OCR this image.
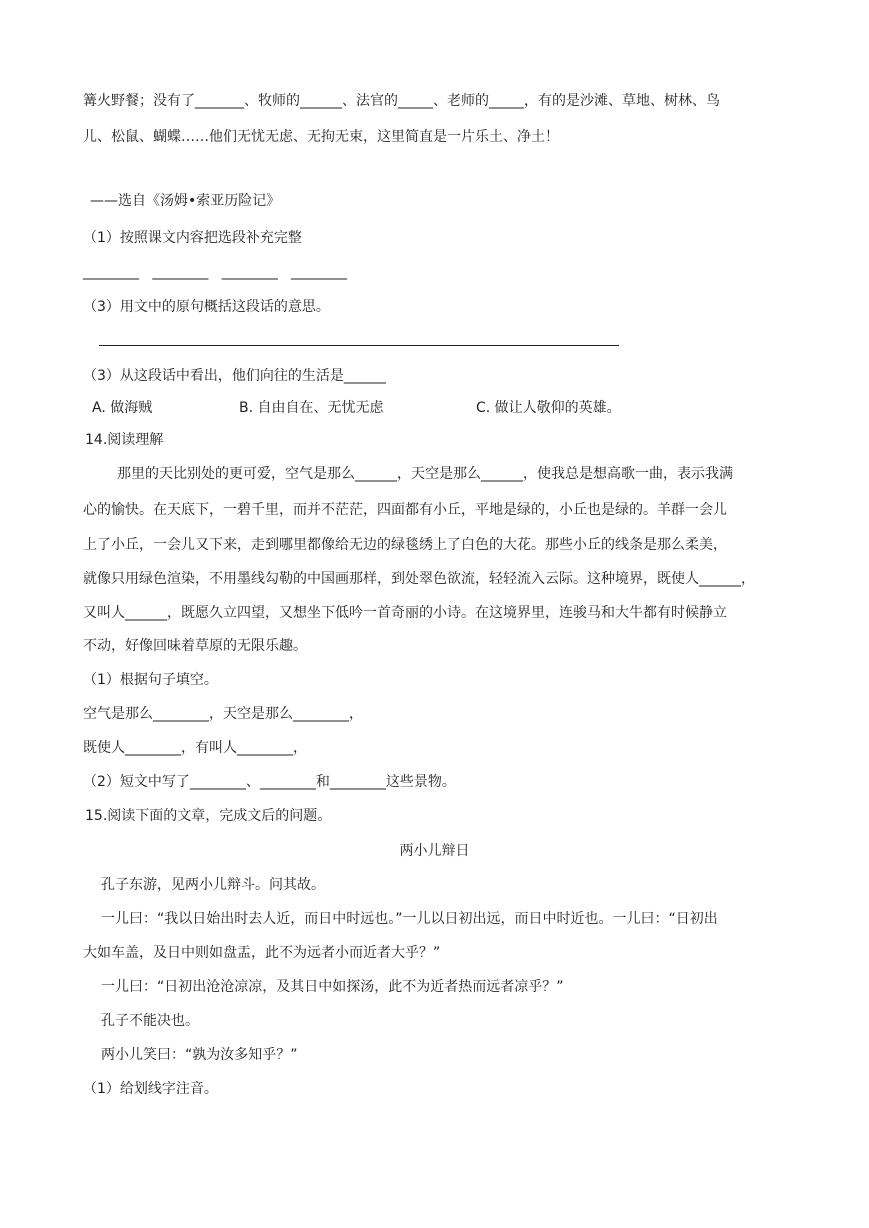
篝火野餐；没有了_______、牧师的______、法官的_____、老师的_____，有的是沙滩、草地、树林、鸟
儿、松鼠、蝴蝶……他们无忧无虑、无拘无束，这里简直是一片乐土、净土！
——选自《汤姆•索亚历险记》
（1）按照课文内容把选段补充完整
________   ________   ________   ________
（3）用文中的原句概括这段话的意思。
（3）从这段话中看出，他们向往的生活是______
A. 做海贼	B. 自由自在、无忧无虑	C. 做让人敬仰的英雄。
14.阅读理解
那里的天比别处的更可爱，空气是那么______，天空是那么______，使我总是想高歌一曲，表示我满
心的愉快。在天底下，一碧千里，而并不茫茫，四面都有小丘，平地是绿的，小丘也是绿的。羊群一会儿
上了小丘，一会儿又下来，走到哪里都像给无边的绿毯绣上了白色的大花。那些小丘的线条是那么柔美，
就像只用绿色渲染，不用墨线勾勒的中国画那样，到处翠色欲流，轻轻流入云际。这种境界，既使人______，
又叫人______，既愿久立四望，又想坐下低吟一首奇丽的小诗。在这境界里，连骏马和大牛都有时候静立
不动，好像回味着草原的无限乐趣。
（1）根据句子填空。
空气是那么________，天空是那么________，
既使人________，有叫人________，
（2）短文中写了________、________和________这些景物。
15.阅读下面的文章，完成文后的问题。
两小儿辩日
孔子东游，见两小儿辩斗。问其故。
一儿曰：“我以日始出时去人近，而日中时远也。”一儿以日初出远，而日中时近也。一儿曰：“日初出
大如车盖，及日中则如盘盂，此不为远者小而近者大乎？”
一儿曰：“日初出沧沧凉凉，及其日中如探汤，此不为近者热而远者凉乎？”
孔子不能决也。
两小儿笑曰：“孰为汝多知乎？”
（1）给划线字注音。
